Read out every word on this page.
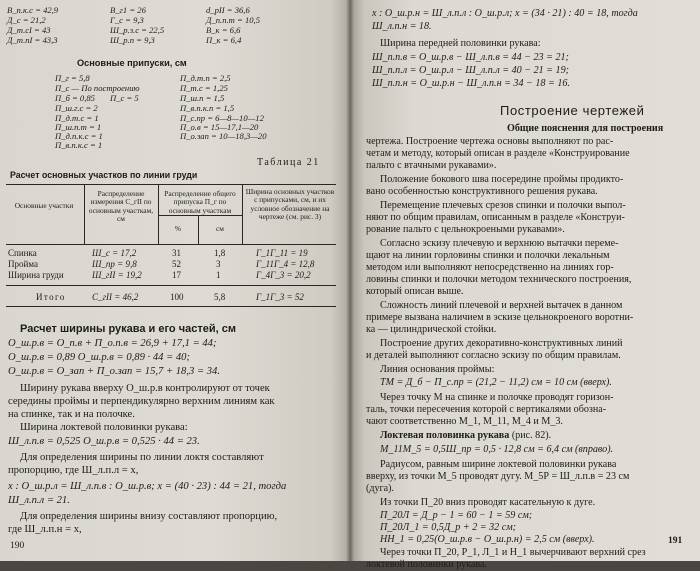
В_п.к.с = 42,9
Д_с = 21,2
Д_т.сI = 43
Д_т.пI = 43,3
В_г1 = 26
Г_с = 9,3
Ш_р.з.с = 22,5
Ш_р.п = 9,3
d_рII = 36,6
Д_п.п.т = 10,5
В_к = 6,6
П_к = 6,4
Основные припуски, см
П_г = 5,8
П_с — По построению
П_б = 0,85 П_с = 5
П_ш.г.с = 2
П_д.т.с = 1
П_ш.п.т = 1
П_д.п.к.с = 1
П_в.п.к.с = 1
П_д.т.п = 2,5
П_т.с = 1,25
П_ш.п = 1,5
П_в.п.к.п = 1,5
П_с.пр = 6—8—10—12
П_о.в = 15—17,1—20
П_о.зап = 10—18,3—20
Таблица 21
Расчет основных участков по линии груди
Основные участки
Распределение измерения С_гII по основным участкам, см
Распределение общего припуска П_г по основным участкам
%	см
Ширина основных участков с припусками, см, и их условное обозначение на чертеже (см. рис. 3)
Спинка	Ш_с = 17,2	31	1,8	Г_1Г_11 = 19
Пройма	Ш_пр = 9,8	52	3	Г_11Г_4 = 12,8
Ширина груди	Ш_гII = 19,2	17	1	Г_4Г_3 = 20,2
Итого	С_гII = 46,2	100	5,8	Г_1Г_3 = 52
Расчет ширины рукава и его частей, см
О_ш.р.в = О_п.в + П_о.п.в = 26,9 + 17,1 = 44;
О_ш.р.в = 0,89 О_ш.р.в = 0,89 · 44 = 40;
О_ш.р.в = О_зап + П_о.зап = 15,7 + 18,3 = 34.
Ширину рукава вверху О_ш.р.в контролируют от точек
середины проймы и перпендикулярно верхним линиям как
на спинке, так и на полочке.
Ширина локтевой половинки рукава:
Ш_л.п.в = 0,525 О_ш.р.в = 0,525 · 44 = 23.
Для определения ширины по линии локтя составляют
пропорцию, где Ш_л.п.л = x,
x : О_ш.р.л = Ш_л.п.в : О_ш.р.в; x = (40 · 23) : 44 = 21, тогда
Ш_л.п.л = 21.
Для определения ширины внизу составляют пропорцию,
где Ш_л.п.н = x,
190
x : О_ш.р.н = Ш_л.п.л : О_ш.р.л; x = (34 · 21) : 40 = 18, тогда
Ш_л.п.н = 18.
Ширина передней половинки рукава:
Ш_п.п.в = О_ш.р.в − Ш_л.п.в = 44 − 23 = 21;
Ш_п.п.л = О_ш.р.л − Ш_л.п.л = 40 − 21 = 19;
Ш_п.п.н = О_ш.р.н − Ш_л.п.н = 34 − 18 = 16.
Построение чертежей
Общие пояснения для построения
чертежа. Построение чертежа основы выполняют по рас-
четам и методу, который описан в разделе «Конструирование
пальто с втачными рукавами».
Положение бокового шва посередине проймы продикто-
вано особенностью конструктивного решения рукава.
Перемещение плечевых срезов спинки и полочки выпол-
няют по общим правилам, описанным в разделе «Конструи-
рование пальто с цельнокроеными рукавами».
Согласно эскизу плечевую и верхнюю вытачки переме-
щают на линии горловины спинки и полочки лекальным
методом или выполняют непосредственно на линиях гор-
ловины спинки и полочки методом технического построения,
который описан выше.
Сложность линий плечевой и верхней вытачек в данном
примере вызвана наличием в эскизе цельнокроеного воротни-
ка — цилиндрической стойки.
Построение других декоративно-конструктивных линий
и деталей выполняют согласно эскизу по общим правилам.
Линия основания проймы:
ТМ = Д_б − П_с.пр = (21,2 − 11,2) см = 10 см (вверх).
Через точку М на спинке и полочке проводят горизон-
таль, точки пересечения которой с вертикалями обозна-
чают соответственно М_1, М_11, М_4 и М_3.
Локтевая половинка рукава (рис. 82).
М_11М_5 = 0,5Ш_пр = 0,5 · 12,8 см = 6,4 см (вправо).
Радиусом, равным ширине локтевой половинки рукава
вверху, из точки М_5 проводят дугу. М_5Р = Ш_л.п.в = 23 см
(дуга).
Из точки П_20 вниз проводят касательную к дуге.
П_20Л = Д_р − 1 = 60 − 1 = 59 см;
П_20Л_1 = 0,5Д_р + 2 = 32 см;
НН_1 = 0,25(О_ш.р.в − О_ш.р.н) = 2,5 см (вверх).
Через точки П_20, Р_1, Л_1 и Н_1 вычерчивают верхний срез
локтевой половинки рукава.
191
